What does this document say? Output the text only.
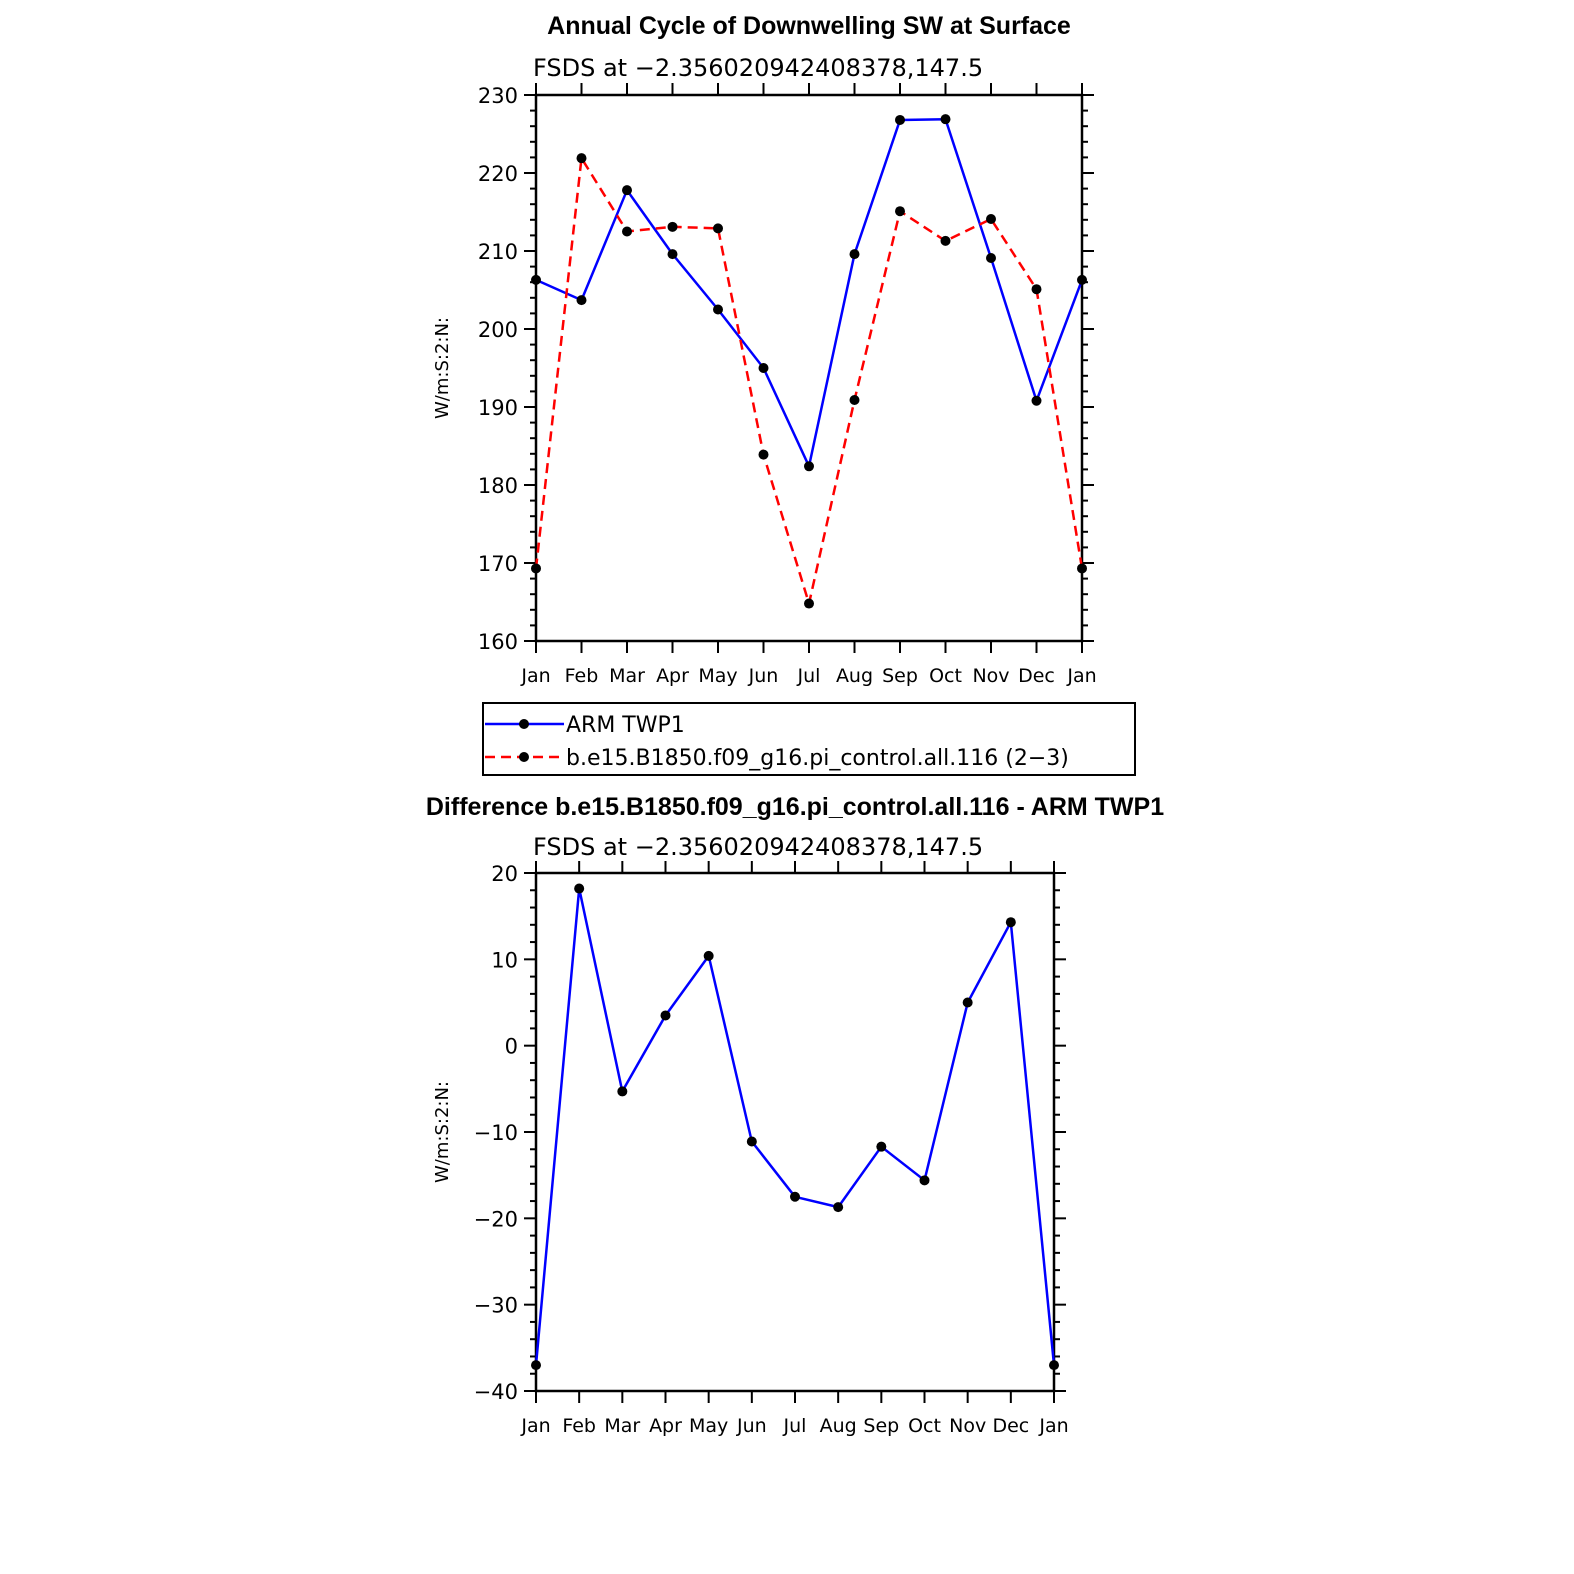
Annual Cycle of Downwelling SW at Surface
FSDS at −2.356020942408378,147.5
160
170
180
190
200
210
220
230
Jan Feb Mar Apr May Jun Jul Aug Sep Oct Nov Dec Jan
W/m:S:2:N:
ARM TWP1
b.e15.B1850.f09_g16.pi_control.all.116 (2−3)
Difference b.e15.B1850.f09_g16.pi_control.all.116 - ARM TWP1
FSDS at −2.356020942408378,147.5
−40
−30
−20
−10
0
10
20
Jan Feb Mar Apr May Jun Jul Aug Sep Oct Nov Dec Jan
W/m:S:2:N:
